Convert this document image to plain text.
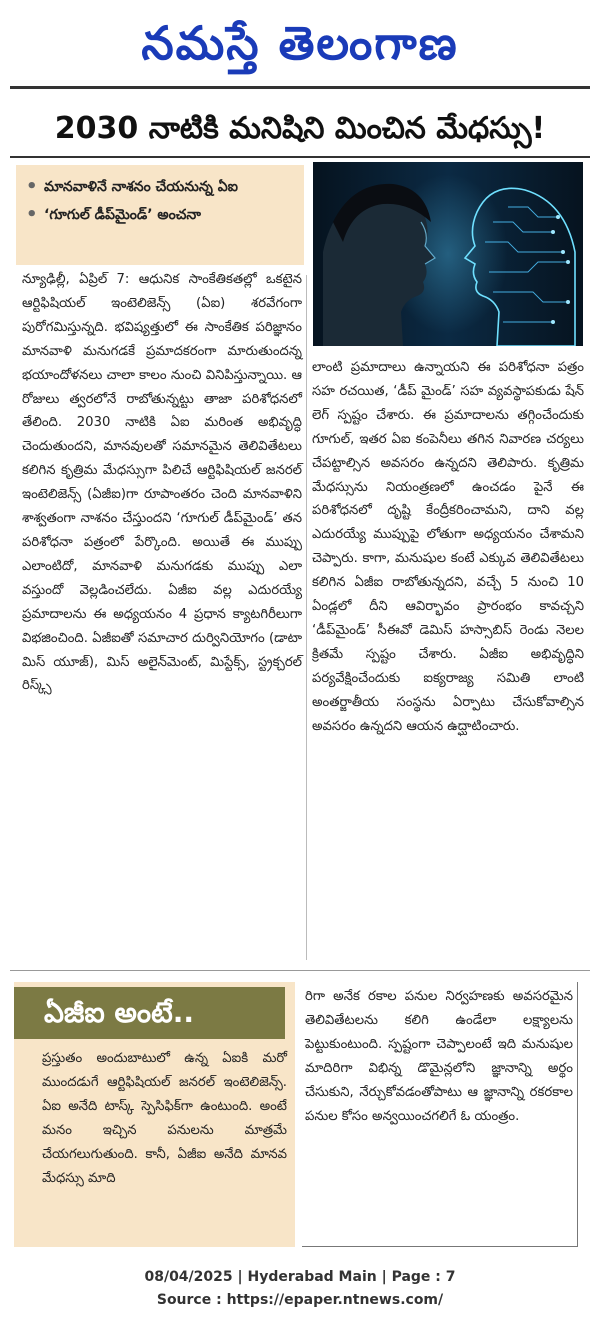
నమస్తే తెలంగాణ
2030 నాటికి మనిషిని మించిన మేధస్సు!
• మానవాళినే నాశనం చేయనున్న ఏఐ
• ‘గూగుల్ డీప్‌మైండ్’ అంచనా

న్యూఢిల్లీ, ఏప్రిల్ 7: ఆధునిక సాంకేతికతల్లో ఒకటైన ఆర్టిఫిషియల్ ఇంటెలిజెన్స్ (ఏఐ) శరవేగంగా పురోగమిస్తున్నది. భవిష్యత్తులో ఈ సాంకేతిక పరిజ్ఞానం మానవాళి మనుగడకే ప్రమాదకరంగా మారుతుందన్న భయాందోళనలు చాలా కాలం నుంచి వినిపిస్తున్నాయి. ఆ రోజులు త్వరలోనే రాబోతున్నట్టు తాజా పరిశోధనలో తేలింది. 2030 నాటికి ఏఐ మరింత అభివృద్ధి చెందుతుందని, మానవులతో సమానమైన తెలివితేటలు కలిగిన కృత్రిమ మేధస్సుగా పిలిచే ఆర్టిఫిషియల్ జనరల్ ఇంటెలిజెన్స్ (ఏజీఐ)గా రూపాంతరం చెంది మానవాళిని శాశ్వతంగా నాశనం చేస్తుందని ‘గూగుల్ డీప్‌మైండ్’ తన పరిశోధనా పత్రంలో పేర్కొంది. అయితే ఈ ముప్పు ఎలాంటిదో, మానవాళి మనుగడకు ముప్పు ఎలా వస్తుందో వెల్లడించలేదు. ఏజీఐ వల్ల ఎదురయ్యే ప్రమాదాలను ఈ అధ్యయనం 4 ప్రధాన క్యాటగిరీలుగా విభజించింది. ఏజీఐతో సమాచార దుర్వినియోగం (డాటా మిస్ యూజ్), మిస్ అలైన్‌మెంట్, మిస్టేక్స్, స్ట్రక్చరల్ రిస్క్స్

లాంటి ప్రమాదాలు ఉన్నాయని ఈ పరిశోధనా పత్రం సహ రచయిత, ‘డీప్ మైండ్’ సహ వ్యవస్థాపకుడు షేన్ లెగ్ స్పష్టం చేశారు. ఈ ప్రమాదాలను తగ్గించేందుకు గూగుల్, ఇతర ఏఐ కంపెనీలు తగిన నివారణ చర్యలు చేపట్టాల్సిన అవసరం ఉన్నదని తెలిపారు. కృత్రిమ మేధస్సును నియంత్రణలో ఉంచడం పైనే ఈ పరిశోధనలో దృష్టి కేంద్రీకరించామని, దాని వల్ల ఎదురయ్యే ముప్పుపై లోతుగా అధ్యయనం చేశామని చెప్పారు. కాగా, మనుషుల కంటే ఎక్కువ తెలివితేటలు కలిగిన ఏజీఐ రాబోతున్నదని, వచ్చే 5 నుంచి 10 ఏండ్లలో దీని ఆవిర్భావం ప్రారంభం కావచ్చని ‘డీప్‌మైండ్’ సీఈవో డెమిస్ హస్సాబిస్ రెండు నెలల క్రితమే స్పష్టం చేశారు. ఏజీఐ అభివృద్ధిని పర్యవేక్షించేందుకు ఐక్యరాజ్య సమితి లాంటి అంతర్జాతీయ సంస్థను ఏర్పాటు చేసుకోవాల్సిన అవసరం ఉన్నదని ఆయన ఉద్ఘాటించారు.

ఏజీఐ అంటే..

ప్రస్తుతం అందుబాటులో ఉన్న ఏఐకి మరో ముందడుగే ఆర్టిఫిషియల్ జనరల్ ఇంటెలిజెన్స్. ఏఐ అనేది టాస్క్ స్పెసిఫిక్‌గా ఉంటుంది. అంటే మనం ఇచ్చిన పనులను మాత్రమే చేయగలుగుతుంది. కానీ, ఏజీఐ అనేది మానవ మేధస్సు మాది

రిగా అనేక రకాల పనుల నిర్వహణకు అవసరమైన తెలివితేటలను కలిగి ఉండేలా లక్ష్యాలను పెట్టుకుంటుంది. స్పష్టంగా చెప్పాలంటే ఇది మనుషుల మాదిరిగా విభిన్న డొమైన్లలోని జ్ఞానాన్ని అర్థం చేసుకుని, నేర్చుకోవడంతోపాటు ఆ జ్ఞానాన్ని రకరకాల పనుల కోసం అన్వయించగలిగే ఓ యంత్రం.

08/04/2025 | Hyderabad Main | Page : 7
Source : https://epaper.ntnews.com/
